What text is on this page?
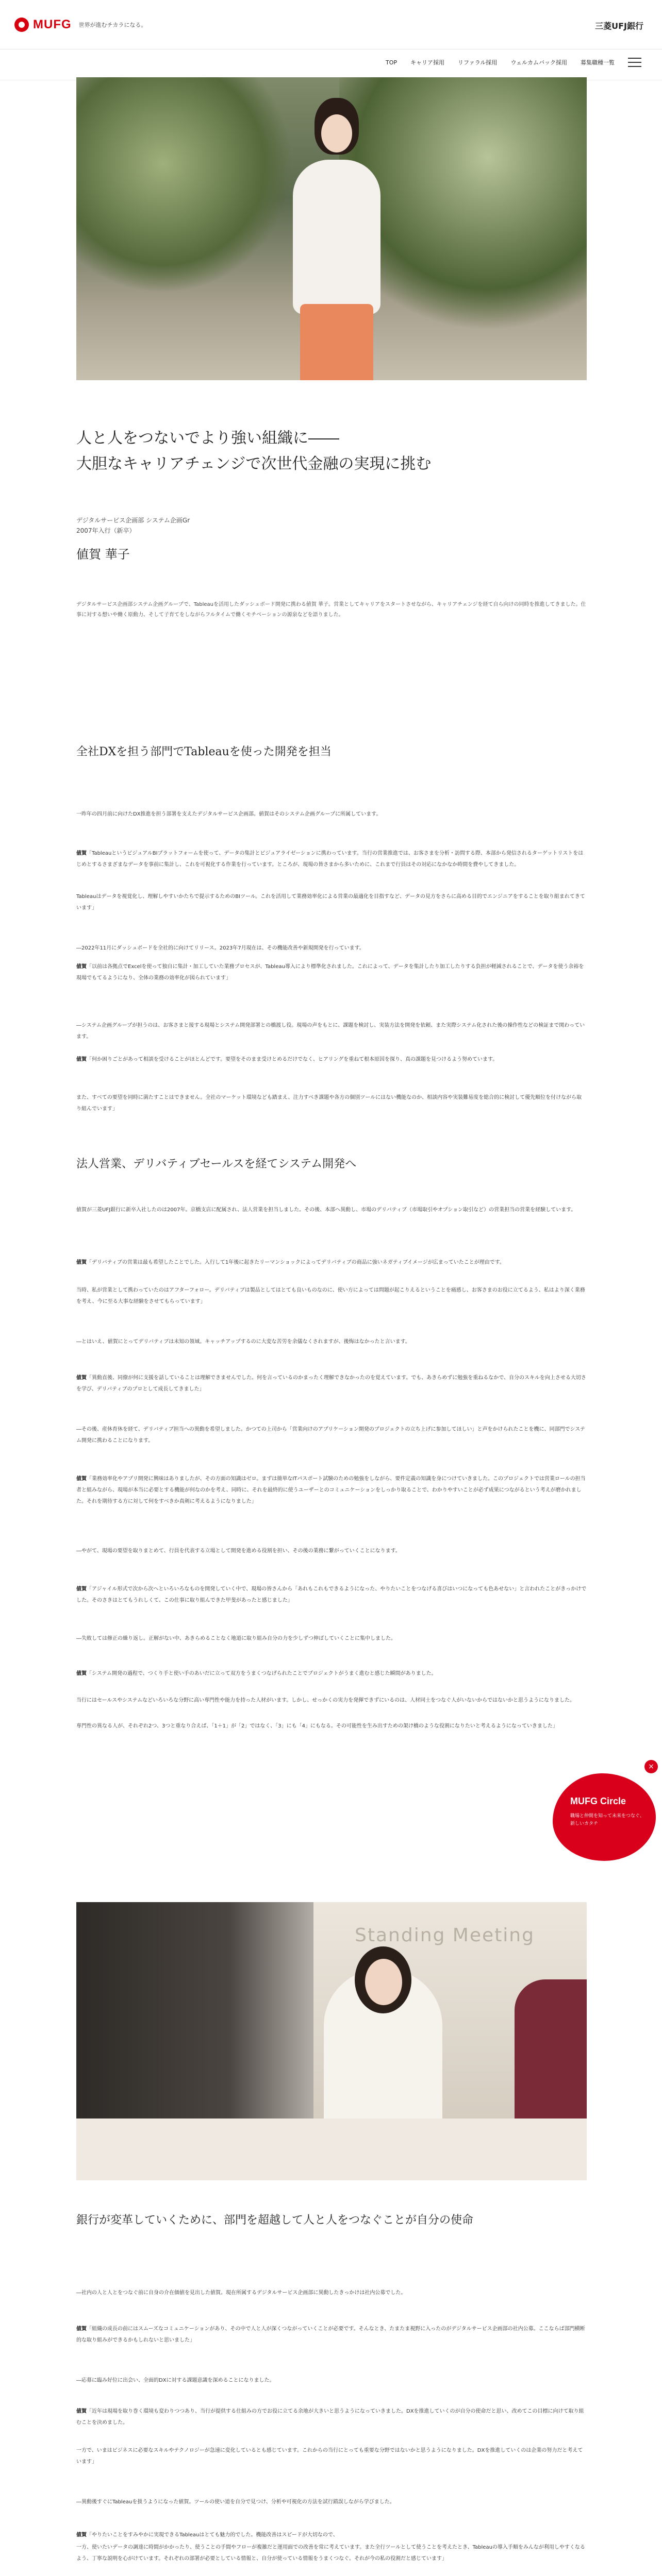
MUFG 世界が進むチカラになる。	三菱UFJ銀行
TOP キャリア採用 リファラル採用 ウェルカムバック採用 募集職種一覧
人と人をつないでより強い組織に――
大胆なキャリアチェンジで次世代金融の実現に挑む
デジタルサービス企画部 システム企画Gr
2007年入行（新卒）
値賀 華子
デジタルサービス企画部システム企画グループで、Tableauを活用したダッシュボード開発に携わる値賀 華子。営業としてキャリアをスタートさせながら、キャリアチェンジを経て自ら向けの同時を推進してきました。仕事に対する想いや働く原動力、そして子育てをしながらフルタイムで働くモチベーションの源泉などを語りました。
全社DXを担う部門でTableauを使った開発を担当
一昨年の四月前に向けたDX推進を担う部署を支えたデジタルサービス企画部。値賀はそのシステム企画グループに所属しています。
値賀「TableauというビジュアルBIプラットフォームを使って、データの集計とビジュアライゼーションに携わっています。当行の営業推進では、お客さまを分析・訪問する際、本部から発信されるターゲットリストをはじめとするさまざまなデータを事前に集計し、これを可視化する作業を行っています。ところが、現場の皆さまから多いために、これまで行員はその対応になかなか時間を費やしてきました。
Tableauはデータを視覚化し、理解しやすいかたちで提示するためのBIツール。これを活用して業務効率化による営業の最適化を目指すなど、データの見方をさらに高める目的でエンジニアをすることを取り組まれてきています」
―2022年11月にダッシュボードを全社的に向けてリリース。2023年7月現在は、その機能改善や新規開発を行っています。
値賀「以前は各拠点でExcelを使って独自に集計・加工していた業務プロセスが、Tableau導入により標準化されました。これによって、データを集計したり加工したりする負担が軽減されることで、データを使う余裕を現場でもてるようになり、全体の業務の効率化が図られています」
―システム企画グループが担うのは、お客さまと接する現場とシステム開発部署との橋渡し役。現場の声をもとに、課題を検討し、実装方法を開発を依頼、また実際システム化された後の操作性などの検証まで関わっています。
値賀「何か困りごとがあって相談を受けることがほとんどです。要望をそのまま受けとめるだけでなく、ヒアリングを重ねて根本原因を探り、真の課題を見つけるよう努めています。
また、すべての要望を同時に満たすことはできません。全社のマーケット環境なども踏まえ、注力すべき課題や各方の個別ツールにはない機能なのか、相談内容や実装難易度を総合的に検討して優先順位を付けながら取り組んでいます」
法人営業、デリバティブセールスを経てシステム開発へ
値賀が三菱UFJ銀行に新卒入社したのは2007年。京橋支店に配属され、法人営業を担当しました。その後、本部へ異動し、市場のデリバティブ（市場取引やオプション取引など）の営業担当の営業を経験しています。
値賀「デリバティブの営業は最も希望したことでした。入行して1年後に起きたリーマンショックによってデリバティブの商品に強いネガティブイメージが広まっていたことが理由です。
当時、私が営業として携わっていたのはアフターフォロー。デリバティブは製品としてはとても良いものなのに、使い方によっては問題が起こりえるということを痛感し、お客さまのお役に立てるよう、私はより深く業務を考え、今に至る大事な経験をさせてもらっています」
―とはいえ、値賀にとってデリバティブは未知の領域。キャッチアップするのに大変な苦労を余儀なくされますが、後悔はなかったと言います。
値賀「異動直後、同僚が何に支援を話していることは理解できませんでした。何を言っているのかまったく理解できなかったのを覚えています。でも、あきらめずに勉強を重ねるなかで、自分のスキルを向上させる大切さを学び、デリバティブのプロとして成長してきました」
―その後、産休育休を経て、デリバティブ担当への異動を希望しました。かつての上司から「営業向けのアプリケーション開発のプロジェクトの立ち上げに参加してほしい」と声をかけられたことを機に、同部門でシステム開発に携わることになります。
値賀「業務効率化やアプリ開発に興味はありましたが、その方面の知識はゼロ。まずは簡単なITパスポート試験のための勉強をしながら、要件定義の知識を身につけていきました。このプロジェクトでは営業ロールの担当者と組みながら、現場が本当に必要とする機能が何なのかを考え、同時に、それを最終的に使うユーザーとのコミュニケーションをしっかり取ることで、わかりやすいことが必ず成果につながるという考えが磨かれました。それを期待する方に対して何をすべきか真剣に考えるようになりました」
―やがて、現場の要望を取りまとめて、行員を代表する立場として開発を進める役割を担い、その後の業務に繋がっていくことになります。
値賀「アジャイル形式で次から次へといろいろなものを開発していく中で、現場の皆さんから「あれもこれもできるようになった、やりたいことをつなげる喜びはいつになっても色あせない」と言われたことがきっかけでした。そのさきはとてもうれしくて、この仕事に取り組んできた甲斐があったと感じました」
―失敗しては修正の繰り返し。正解がない中、あきらめることなく地道に取り組み自分の力を少しずつ伸ばしていくことに集中しました。
値賀「システム開発の過程で、つくり手と使い手のあいだに立って双方をうまくつなげられたことでプロジェクトがうまく進むと感じた瞬間がありました。
当行にはセールスやシステムなどいろいろな分野に高い専門性や能力を持った人材がいます。しかし、せっかくの実力を発揮できずにいるのは、人材同士をつなぐ人がいないからではないかと思うようになりました。
専門性の異なる人が、それぞれ2つ、3つと重なり合えば、「1＋1」が「2」ではなく、「3」にも「4」にもなる。その可能性を生み出すための架け橋のような役割になりたいと考えるようになっていきました」
銀行が変革していくために、部門を超越して人と人をつなぐことが自分の使命
―社内の人と人とをつなぐ前に自身の介在価値を見出した値賀。現在所属するデジタルサービス企画部に異動したきっかけは社内公募でした。
値賀「組織の成長の前にはスムーズなコミュニケーションがあり、その中で人と人が深くつながっていくことが必要です。そんなとき、たまたま視野に入ったのがデジタルサービス企画部の社内公募。ここならば部門横断的な取り組みができるかもしれないと思いました」
―応募に臨み好位に出会い、全面的DXに対する課題意識を深めることになりました。
値賀「近年は現場を取り巻く環境も変わりつつあり、当行が提供する仕組みの方でお役に立てる余地が大きいと思うようになっていきました。DXを推進していくのが自分の使命だと思い、改めてこの目標に向けて取り組むことを決めました。
一方で、いまはビジネスに必要なスキルやテクノロジーが急速に変化しているとも感じています。これからの当行にとっても重要な分野ではないかと思うようになりました。DXを推進していくのは企業の努力だと考えています」
―異動後すぐにTableauを扱うようになった値賀。ツールの使い道を自分で見つけ、分析や可視化の方法を試行錯誤しながら学びました。
値賀「やりたいことをすみやかに実現できるTableauはとても魅力的でした。機能改善はスピードが大切なので、
一方、使いたいデータの調達に時間がかかったり、使うことの手間やフローが複雑だと運用面での改善を常に考えています。また全行ツールとして使うことを考えたとき、Tableauの導入手順をみんなが利用しやすくなるよう、丁寧な説明を心がけています。それぞれの部署が必要としている情報と、自分が使っている情報をうまくつなぐ。それが今の私の役割だと感じています」
Standing Meeting
MUFG Circle
職場と仲間を知って未来をつなぐ、新しいカタチ
×
